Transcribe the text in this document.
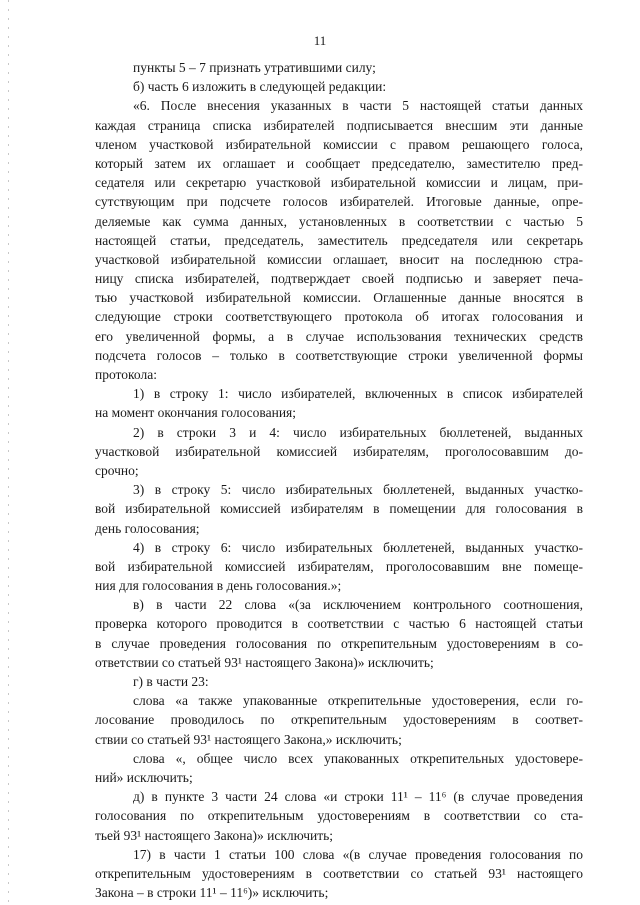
11
пункты 5 – 7 признать утратившими силу;
б) часть 6 изложить в следующей редакции:
«6. После внесения указанных в части 5 настоящей статьи данных
каждая страница списка избирателей подписывается внесшим эти данные
членом участковой избирательной комиссии с правом решающего голоса,
который затем их оглашает и сообщает председателю, заместителю пред-
седателя или секретарю участковой избирательной комиссии и лицам, при-
сутствующим при подсчете голосов избирателей. Итоговые данные, опре-
деляемые как сумма данных, установленных в соответствии с частью 5
настоящей статьи, председатель, заместитель председателя или секретарь
участковой избирательной комиссии оглашает, вносит на последнюю стра-
ницу списка избирателей, подтверждает своей подписью и заверяет печа-
тью участковой избирательной комиссии. Оглашенные данные вносятся в
следующие строки соответствующего протокола об итогах голосования и
его увеличенной формы, а в случае использования технических средств
подсчета голосов – только в соответствующие строки увеличенной формы
протокола:
1) в строку 1: число избирателей, включенных в список избирателей
на момент окончания голосования;
2) в строки 3 и 4: число избирательных бюллетеней, выданных
участковой избирательной комиссией избирателям, проголосовавшим до-
срочно;
3) в строку 5: число избирательных бюллетеней, выданных участко-
вой избирательной комиссией избирателям в помещении для голосования в
день голосования;
4) в строку 6: число избирательных бюллетеней, выданных участко-
вой избирательной комиссией избирателям, проголосовавшим вне помеще-
ния для голосования в день голосования.»;
в) в части 22 слова «(за исключением контрольного соотношения,
проверка которого проводится в соответствии с частью 6 настоящей статьи
в случае проведения голосования по открепительным удостоверениям в со-
ответствии со статьей 93¹ настоящего Закона)» исключить;
г) в части 23:
слова «а также упакованные открепительные удостоверения, если го-
лосование проводилось по открепительным удостоверениям в соответ-
ствии со статьей 93¹ настоящего Закона,» исключить;
слова «, общее число всех упакованных открепительных удостовере-
ний» исключить;
д) в пункте 3 части 24 слова «и строки 11¹ – 11⁶ (в случае проведения
голосования по открепительным удостоверениям в соответствии со ста-
тьей 93¹ настоящего Закона)» исключить;
17) в части 1 статьи 100 слова «(в случае проведения голосования по
открепительным удостоверениям в соответствии со статьей 93¹ настоящего
Закона – в строки 11¹ – 11⁶)» исключить;
